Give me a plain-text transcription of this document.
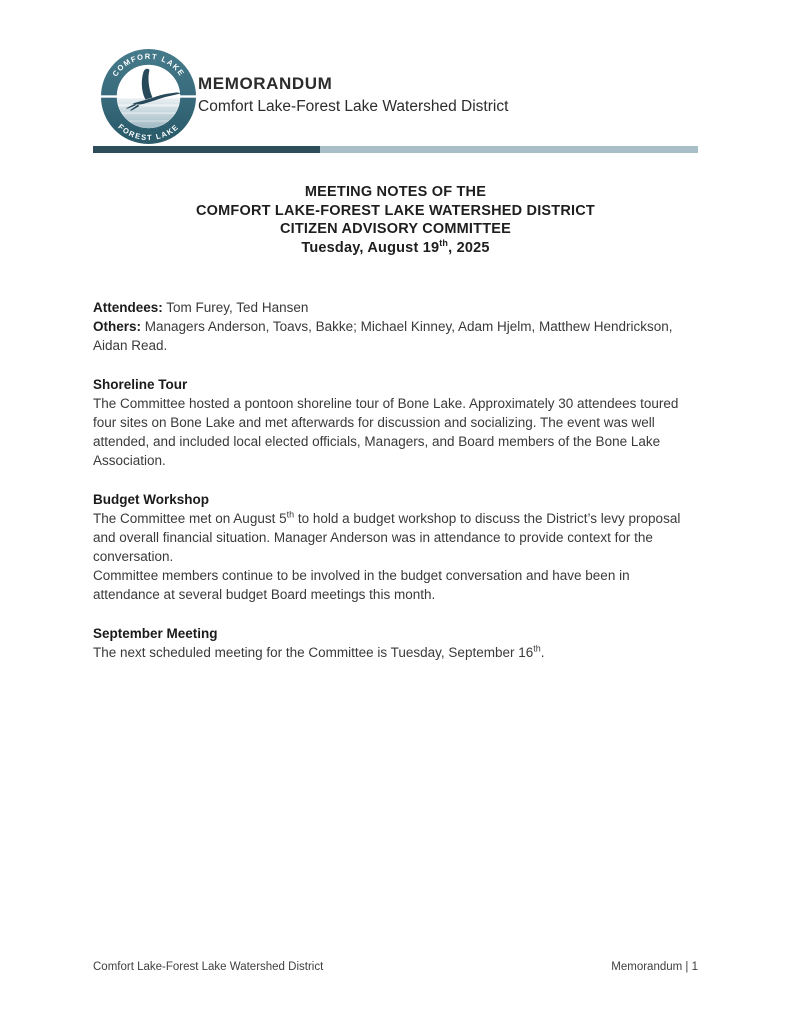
COMFORT LAKE
FOREST LAKE
MEMORANDUM
Comfort Lake-Forest Lake Watershed District
MEETING NOTES OF THE
COMFORT LAKE-FOREST LAKE WATERSHED DISTRICT
CITIZEN ADVISORY COMMITTEE
Tuesday, August 19th, 2025
Attendees: Tom Furey, Ted Hansen
Others: Managers Anderson, Toavs, Bakke; Michael Kinney, Adam Hjelm, Matthew Hendrickson, Aidan Read.
Shoreline Tour
The Committee hosted a pontoon shoreline tour of Bone Lake. Approximately 30 attendees toured four sites on Bone Lake and met afterwards for discussion and socializing. The event was well attended, and included local elected officials, Managers, and Board members of the Bone Lake Association.
Budget Workshop
The Committee met on August 5th to hold a budget workshop to discuss the District’s levy proposal and overall financial situation. Manager Anderson was in attendance to provide context for the conversation.
Committee members continue to be involved in the budget conversation and have been in attendance at several budget Board meetings this month.
September Meeting
The next scheduled meeting for the Committee is Tuesday, September 16th.
Comfort Lake-Forest Lake Watershed District	Memorandum | 1
